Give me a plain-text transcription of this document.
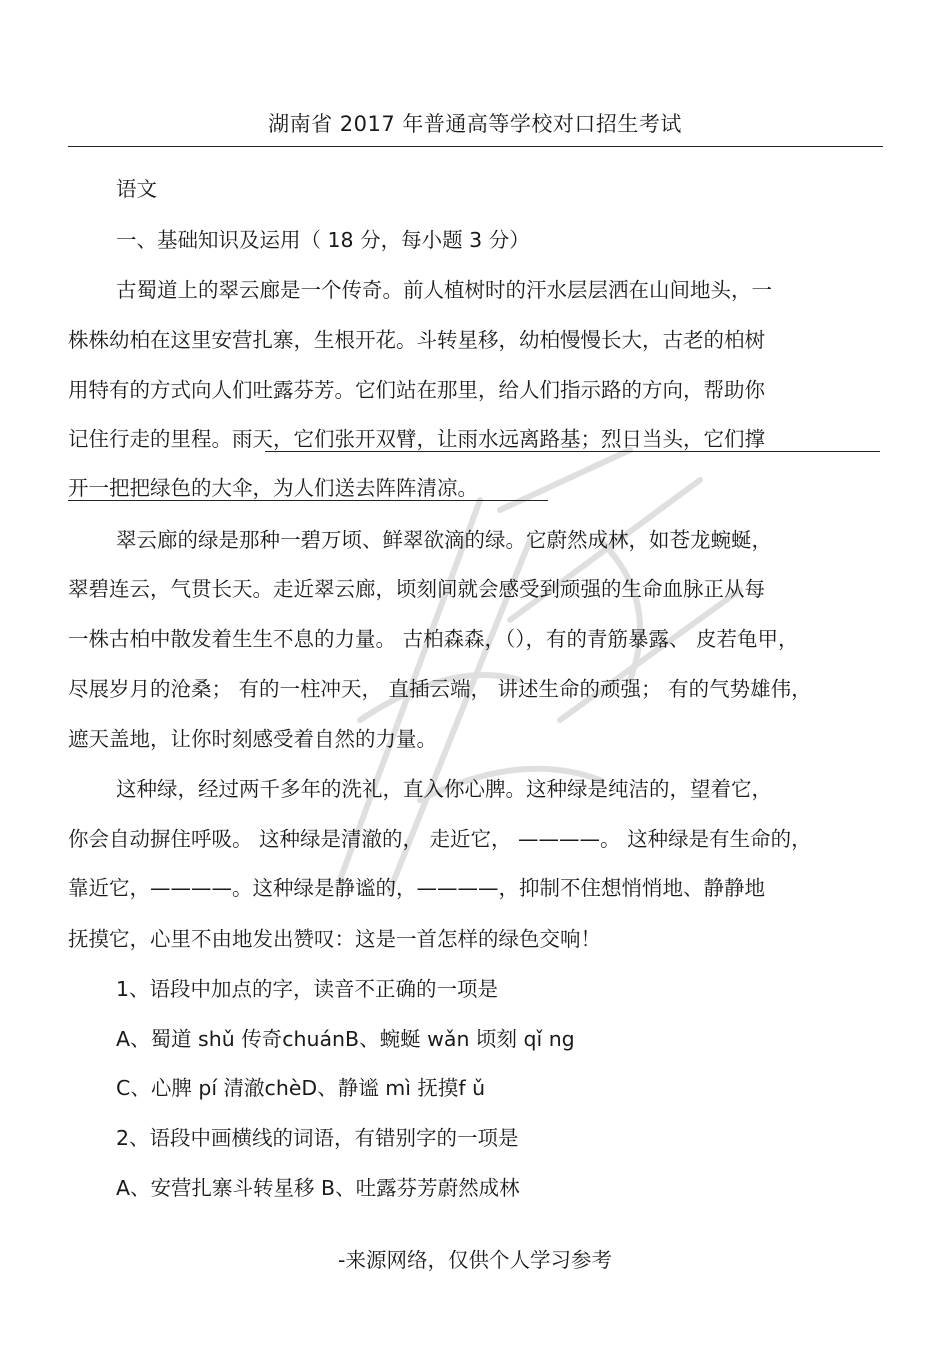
湖南省 2017 年普通高等学校对口招生考试
语文
一、基础知识及运用（ 18 分，每小题 3 分）
古蜀道上的翠云廊是一个传奇。前人植树时的汗水层层洒在山间地头，一
株株幼柏在这里安营扎寨，生根开花。斗转星移，幼柏慢慢长大，古老的柏树
用特有的方式向人们吐露芬芳。它们站在那里，给人们指示路的方向，帮助你
记住行走的里程。雨天，它们张开双臂，让雨水远离路基；烈日当头，它们撑
开一把把绿色的大伞，为人们送去阵阵清凉。
翠云廊的绿是那种一碧万顷、鲜翠欲滴的绿。它蔚然成林，如苍龙蜿蜒，
翠碧连云，气贯长天。走近翠云廊，顷刻间就会感受到顽强的生命血脉正从每
一株古柏中散发着生生不息的力量。 古柏森森，（），有的青筋暴露、 皮若龟甲，
尽展岁月的沧桑； 有的一柱冲天， 直插云端， 讲述生命的顽强； 有的气势雄伟，
遮天盖地，让你时刻感受着自然的力量。
这种绿，经过两千多年的洗礼，直入你心脾。这种绿是纯洁的，望着它，
你会自动摒住呼吸。 这种绿是清澈的， 走近它， ————。 这种绿是有生命的，
靠近它，————。这种绿是静谧的，————，抑制不住想悄悄地、静静地
抚摸它，心里不由地发出赞叹：这是一首怎样的绿色交响！
1、语段中加点的字，读音不正确的一项是
A、蜀道 shǔ 传奇chuánB、蜿蜒 wǎn 顷刻 qǐ ng
C、心脾 pí 清澈chèD、静谧 mì 抚摸f ǔ
2、语段中画横线的词语，有错别字的一项是
A、安营扎寨斗转星移 B、吐露芬芳蔚然成林
-来源网络，仅供个人学习参考
